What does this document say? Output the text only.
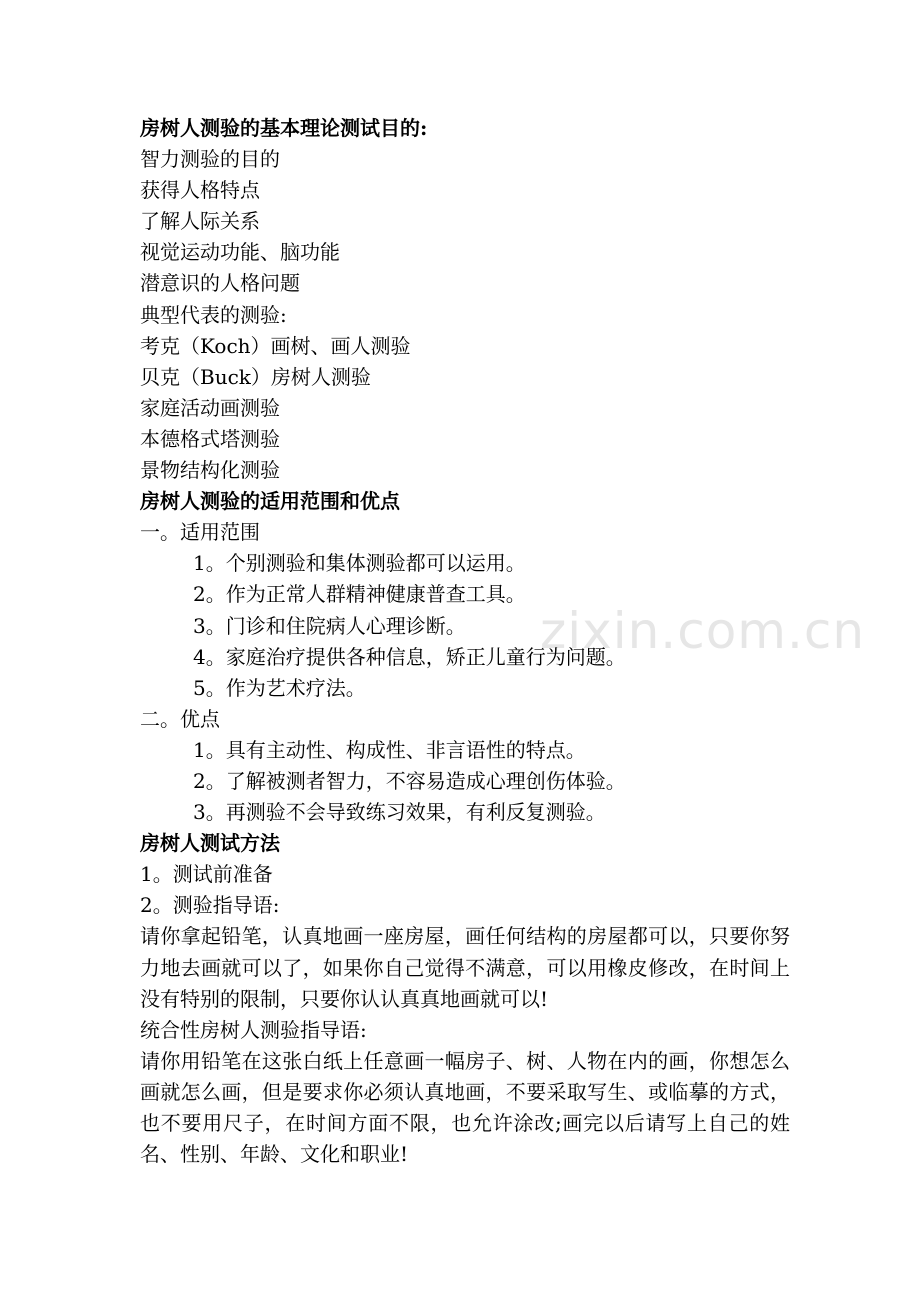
zixin.com.cn
房树人测验的基本理论测试目的:
智力测验的目的
获得人格特点
了解人际关系
视觉运动功能、脑功能
潜意识的人格问题
典型代表的测验:
考克（Koch）画树、画人测验
贝克（Buck）房树人测验
家庭活动画测验
本德格式塔测验
景物结构化测验
房树人测验的适用范围和优点
一。适用范围
1。个别测验和集体测验都可以运用。
2。作为正常人群精神健康普查工具。
3。门诊和住院病人心理诊断。
4。家庭治疗提供各种信息，矫正儿童行为问题。
5。作为艺术疗法。
二。优点
1。具有主动性、构成性、非言语性的特点。
2。了解被测者智力，不容易造成心理创伤体验。
3。再测验不会导致练习效果，有利反复测验。
房树人测试方法
1。测试前准备
2。测验指导语:
请你拿起铅笔，认真地画一座房屋，画任何结构的房屋都可以，只要你努力地去画就可以了，如果你自己觉得不满意，可以用橡皮修改，在时间上没有特别的限制，只要你认认真真地画就可以!
统合性房树人测验指导语:
请你用铅笔在这张白纸上任意画一幅房子、树、人物在内的画，你想怎么画就怎么画，但是要求你必须认真地画，不要采取写生、或临摹的方式，也不要用尺子，在时间方面不限，也允许涂改;画完以后请写上自己的姓名、性别、年龄、文化和职业!
